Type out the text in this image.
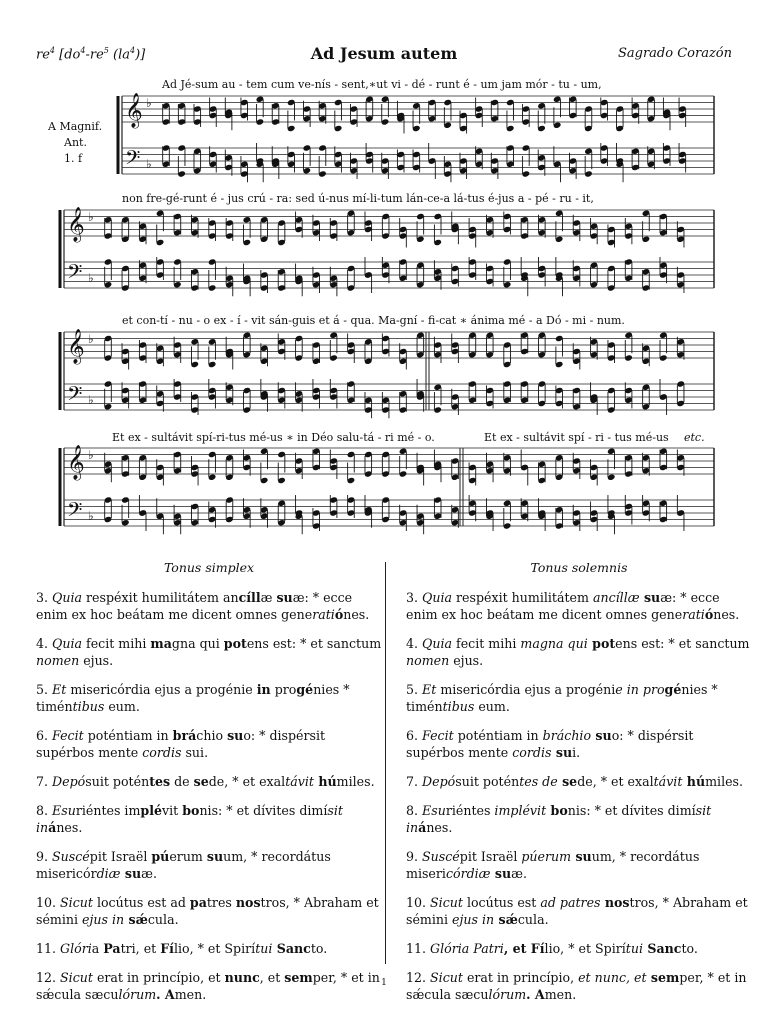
$re^4$ [$do^4-re^5$ $(la^4)$]	Ad Jesum autem	Sagrado Corazón
𝄞
𝄢
♭
♭
𝄞
𝄢
♭
♭
𝄞
𝄢
♭
♭
𝄞
𝄢
♭
♭
A Magnif.
Ant.
1. f
Ad Jé-sum au - tem cum ve-nís - sent,∗ut vi - dé - runt é - um jam mór - tu - um,
non fre-gé-runt é - jus crú - ra: sed ú-nus mí-li-tum lán-ce-a lá-tus é-jus a - pé - ru - it,
et con-tí - nu - o ex - í - vit sán-guis et á - qua. Ma-gní - fi-cat ∗ ánima mé - a Dó - mi - num.
Et ex - sultávit spí-ri-tus mé-us ∗ in Déo salu-tá - ri mé - o.	Et ex - sultávit spí - ri - tus mé-us etc.
Tonus simplex

3. Quia respéxit humilitátem ancíllæ suæ: * ecce enim ex hoc beátam me dicent omnes generatiónes.

4. Quia fecit mihi magna qui potens est: * et sanctum nomen ejus.

5. Et misericórdia ejus a progénie in progénies * timéntibus eum.

6. Fecit poténtiam in bráchio suo: * dispérsit supérbos mente cordis sui.

7. Depósuit poténtes de sede, * et exaltávit húmiles.

8. Esuriéntes implévit bonis: * et dívites dimísit inánes.

9. Suscépit Israël púerum suum, * recordátus misericórdiæ suæ.

10. Sicut locútus est ad patres nostros, * Abraham et sémini ejus in sǽcula.

11. Glória Patri, et Fílio, * et Spirítui Sancto.

12. Sicut erat in princípio, et nunc, et semper, * et in sǽcula sæculórum. Amen.

Tonus solemnis

3. Quia respéxit humilitátem ancíllæ suæ: * ecce enim ex hoc beátam me dicent omnes generatiónes.

4. Quia fecit mihi magna qui potens est: * et sanctum nomen ejus.

5. Et misericórdia ejus a progénie in progénies * timéntibus eum.

6. Fecit poténtiam in bráchio suo: * dispérsit supérbos mente cordis sui.

7. Depósuit poténtes de sede, * et exaltávit húmiles.

8. Esuriéntes implévit bonis: * et dívites dimísit inánes.

9. Suscépit Israël púerum suum, * recordátus misericórdiæ suæ.

10. Sicut locútus est ad patres nostros, * Abraham et sémini ejus in sǽcula.

11. Glória Patri, et Fílio, * et Spirítui Sancto.

12. Sicut erat in princípio, et nunc, et semper, * et in sǽcula sæculórum. Amen.

1
